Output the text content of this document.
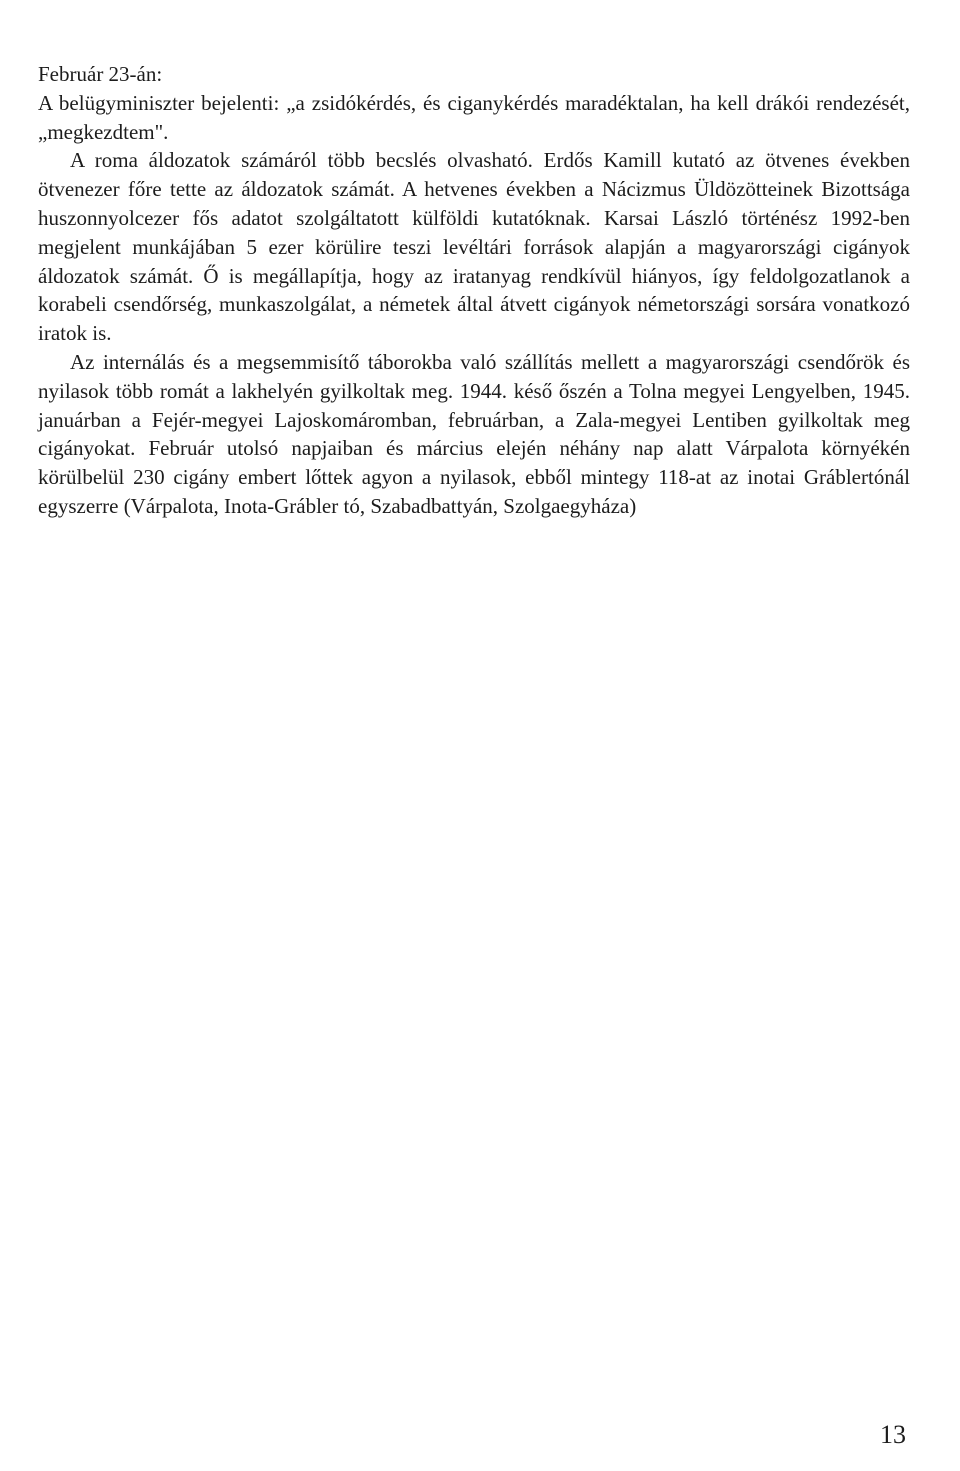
Február 23-án:

A belügyminiszter bejelenti: „a zsidókérdés, és ciganykérdés maradéktalan, ha kell drákói rendezését, „megkezdtem".

A roma áldozatok számáról több becslés olvasható. Erdős Kamill kutató az ötvenes években ötvenezer főre tette az áldozatok számát. A hetvenes években a Nácizmus Üldözötteinek Bizottsága huszonnyolcezer fős adatot szolgáltatott külföldi kutatóknak. Karsai László történész 1992-ben megjelent munkájában 5 ezer körülire teszi levéltári források alapján a magyarországi cigányok áldozatok számát. Ő is megállapítja, hogy az iratanyag rendkívül hiányos, így feldolgozatlanok a korabeli csendőrség, munkaszolgálat, a németek által átvett cigányok németországi sorsára vonatkozó iratok is.

Az internálás és a megsemmisítő táborokba való szállítás mellett a magyarországi csendőrök és nyilasok több romát a lakhelyén gyilkoltak meg. 1944. késő őszén a Tolna megyei Lengyelben, 1945. januárban a Fejér-megyei Lajoskomáromban, februárban, a Zala-megyei Lentiben gyilkoltak meg cigányokat. Február utolsó napjaiban és március elején néhány nap alatt Várpalota környékén körülbelül 230 cigány embert lőttek agyon a nyilasok, ebből mintegy 118-at az inotai Gráblertónál egyszerre (Várpalota, Inota-Grábler tó, Szabadbattyán, Szolgaegyháza)

13
